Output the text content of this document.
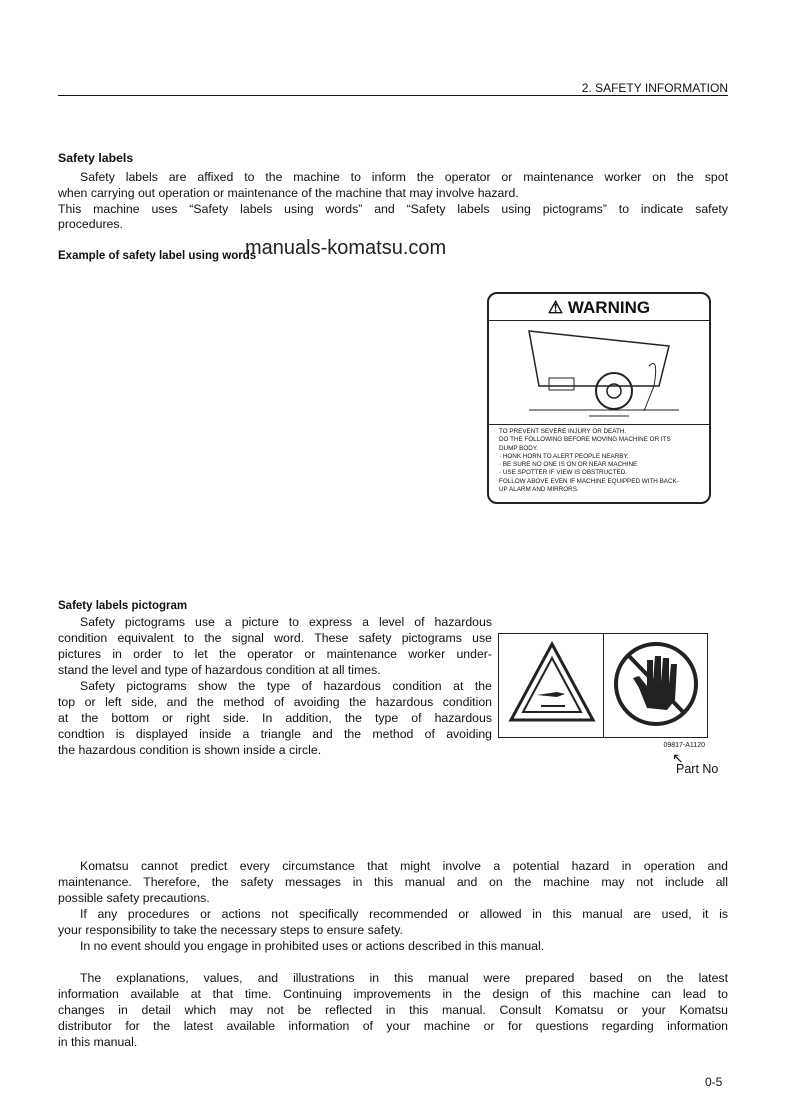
2. SAFETY INFORMATION
Safety labels
Safety labels are affixed to the machine to inform the operator or maintenance worker on the spot
when carrying out operation or maintenance of the machine that may involve hazard.
This machine uses “Safety labels using words” and “Safety labels using pictograms” to indicate safety
procedures.
Example of safety label using words
manuals-komatsu.com
⚠ WARNING
TO PREVENT SEVERE INJURY OR DEATH.
DO THE FOLLOWING BEFORE MOVING MACHINE OR ITS
DUMP BODY.
· HONK HORN TO ALERT PEOPLE NEARBY.
· BE SURE NO ONE IS ON OR NEAR MACHINE
· USE SPOTTER IF VIEW IS OBSTRUCTED.
FOLLOW ABOVE EVEN IF MACHINE EQUIPPED WITH BACK-
UP ALARM AND MIRRORS.
Safety labels pictogram
Safety pictograms use a picture to express a level of hazardous
condition equivalent to the signal word. These safety pictograms use
pictures in order to let the operator or maintenance worker under-
stand the level and type of hazardous condition at all times.
Safety pictograms show the type of hazardous condition at the
top or left side, and the method of avoiding the hazardous condition
at the bottom or right side. In addition, the type of hazardous
condtion is displayed inside a triangle and the method of avoiding
the hazardous condition is shown inside a circle.	09817-A1120
↖
Part No
Komatsu cannot predict every circumstance that might involve a potential hazard in operation and
maintenance. Therefore, the safety messages in this manual and on the machine may not include all
possible safety precautions.
If any procedures or actions not specifically recommended or allowed in this manual are used, it is
your responsibility to take the necessary steps to ensure safety.
In no event should you engage in prohibited uses or actions described in this manual.
The explanations, values, and illustrations in this manual were prepared based on the latest
information available at that time. Continuing improvements in the design of this machine can lead to
changes in detail which may not be reflected in this manual. Consult Komatsu or your Komatsu
distributor for the latest available information of your machine or for questions regarding information
in this manual.
0-5
